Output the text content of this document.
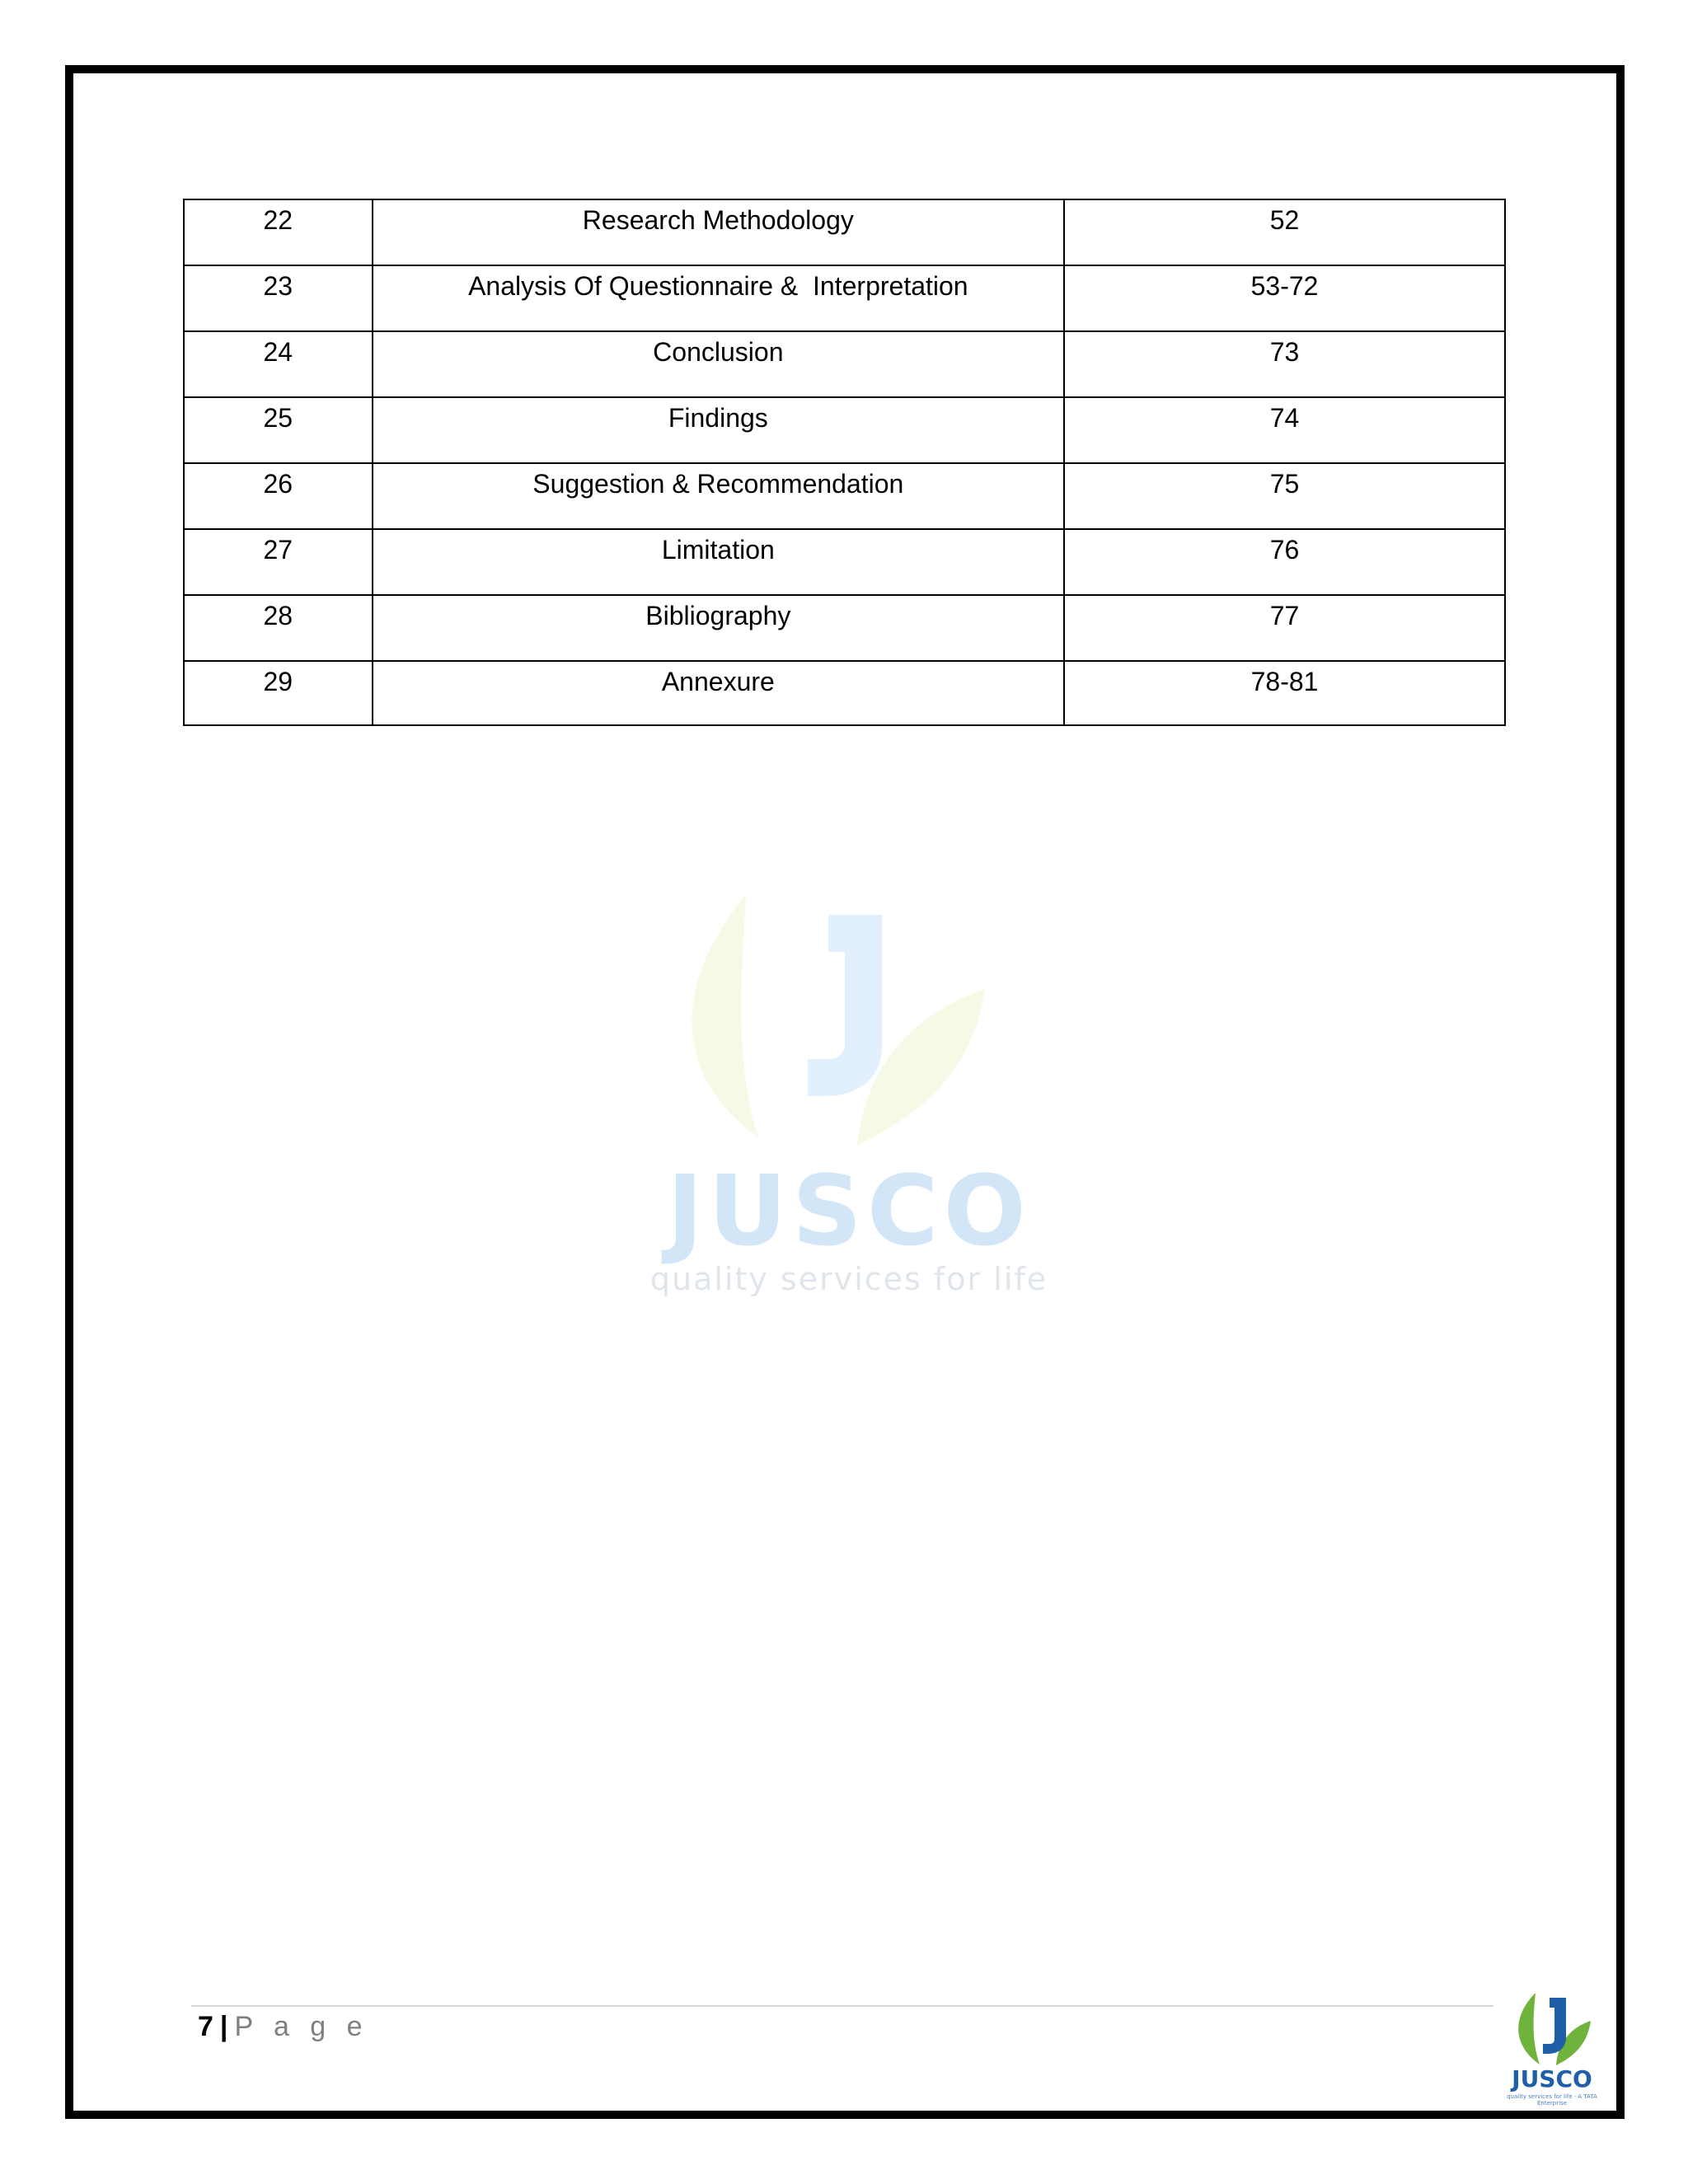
22	Research Methodology	52
23	Analysis Of Questionnaire &  Interpretation	53-72
24	Conclusion	73
25	Findings	74
26	Suggestion & Recommendation	75
27	Limitation	76
28	Bibliography	77
29	Annexure	78-81
JUSCO
quality services for life
7 | P a g e
JUSCO
quality services for life · A TATA Enterprise
